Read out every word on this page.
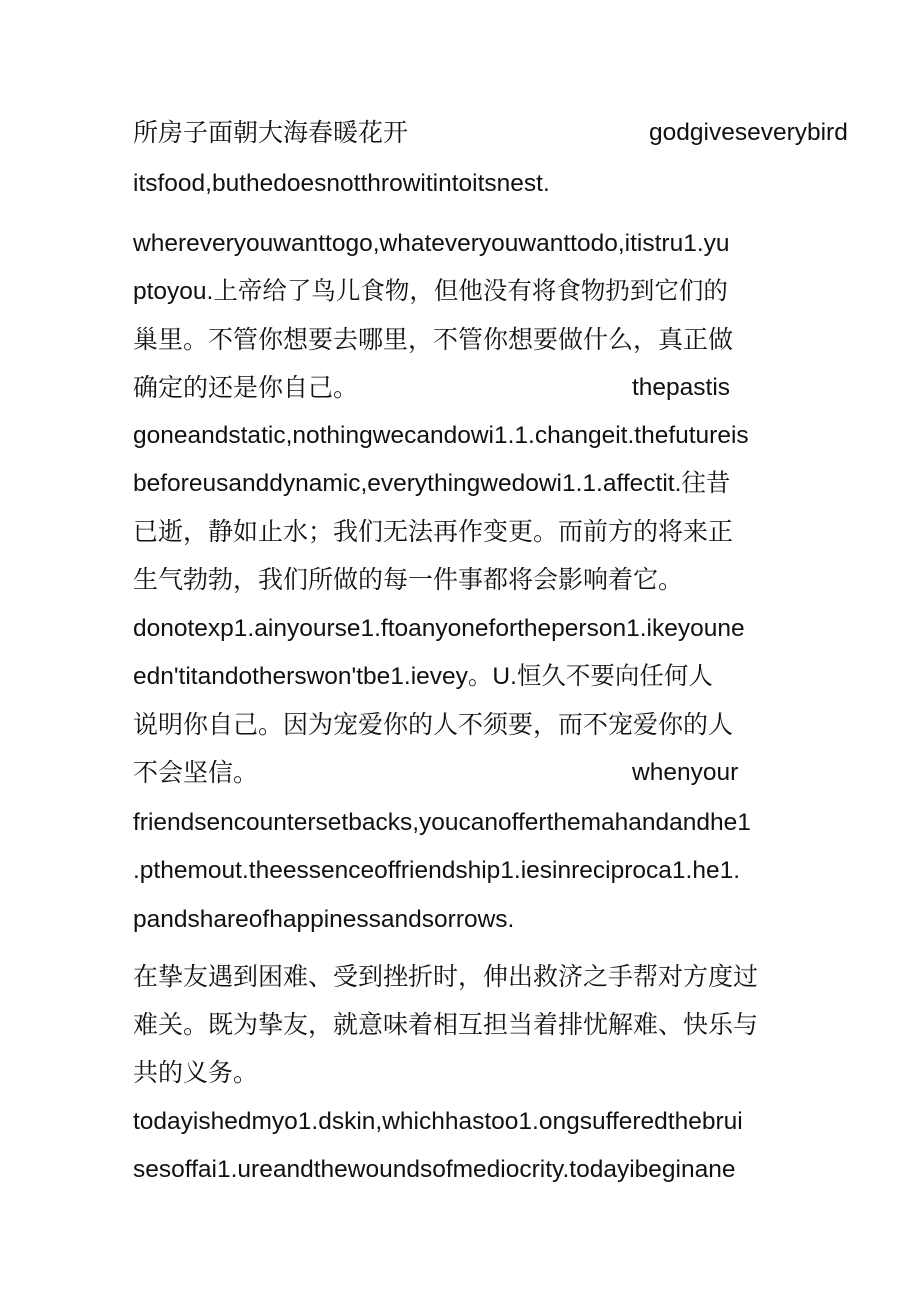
所房子面朝大海春暖花开	godgiveseverybird
itsfood,buthedoesnotthrowitintoitsnest.
whereveryouwanttogo,whateveryouwanttodo,itistru1.yu
ptoyou.上帝给了鸟儿食物，但他没有将食物扔到它们的
巢里。不管你想要去哪里，不管你想要做什么，真正做
确定的还是你自己。	thepastis
goneandstatic,nothingwecandowi1.1.changeit.thefutureis
beforeusanddynamic,everythingwedowi1.1.affectit.往昔
已逝，静如止水；我们无法再作变更。而前方的将来正
生气勃勃，我们所做的每一件事都将会影响着它。
donotexp1.ainyourse1.ftoanyonefortheperson1.ikeyoune
edn'titandotherswon'tbe1.ievey。U.恒久不要向任何人
说明你自己。因为宠爱你的人不须要，而不宠爱你的人
不会坚信。	whenyour
friendsencountersetbacks,youcanofferthemahandandhe1
.pthemout.theessenceoffriendship1.iesinreciproca1.he1.
pandshareofhappinessandsorrows.
在挚友遇到困难、受到挫折时，伸出救济之手帮对方度过
难关。既为挚友，就意味着相互担当着排忧解难、快乐与
共的义务。
todayishedmyo1.dskin,whichhastoo1.ongsufferedthebrui
sesoffai1.ureandthewoundsofmediocrity.todayibeginane
